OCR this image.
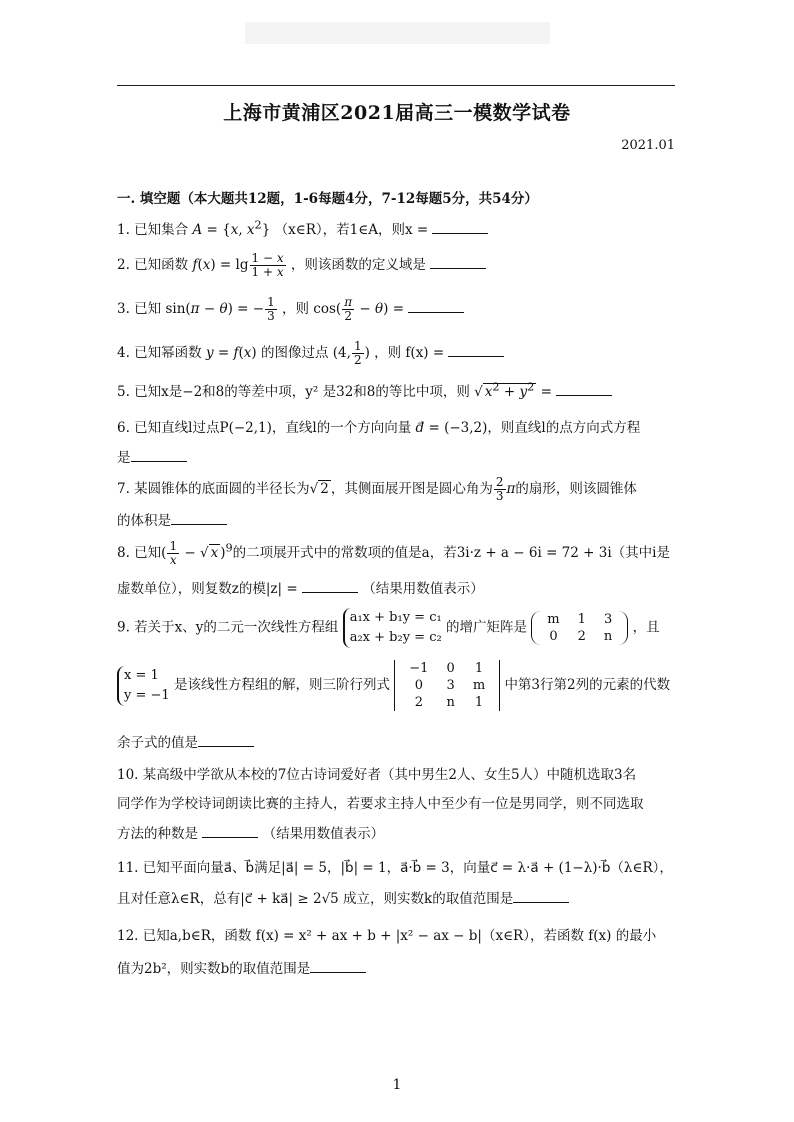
上海市黄浦区2021届高三一模数学试卷
2021.01
一. 填空题（本大题共12题，1-6每题4分，7-12每题5分，共54分）
1. 已知集合 A = {x, $x^2$} （x∈R），若1∈A，则x =
2. 已知函数 $f(x) = \lg \frac{1 - x}{1 + x}$ ，则该函数的定义域是
3. 已知 sin(π − θ) = − $\frac{1}{3}$ ，则 $\cos( \frac{\pi}{2} - \theta)$ =
4. 已知幂函数 y = f(x) 的图像过点 (4, $\frac{1}{2}$ ) ，则 f(x) =
5. 已知x是−2和8的等差中项，y² 是32和8的等比中项，则 √ $x^2 + y^2$ =
6. 已知直线l过点P(−2,1)，直线l的一个方向向量 d⃗ = (−3,2)，则直线l的点方向式方程
是
7. 某圆锥体的底面圆的半径长为√ 2 ，其侧面展开图是圆心角为 $\frac{2}{3}$ π的扇形，则该圆锥体
的体积是
8. 已知( $\frac{1}{x}$ − √ x )$^9$的二项展开式中的常数项的值是a，若3i·z + a − 6i = 72 + 3i（其中i是
虚数单位），则复数z的模|z| =	（结果用数值表示）
9. 若关于x、y的二元一次线性方程组
a₁x + b₁y = c₁
a₂x + b₂y = c₂
的增广矩阵是 m	1	3
0	2	n
，且
x = 1
y = −1
是该线性方程组的解，则三阶行列式
−1	0	1
0	3	m
2	n	1
中第3行第2列的元素的代数
余子式的值是
10. 某高级中学欲从本校的7位古诗词爱好者（其中男生2人、女生5人）中随机选取3名
同学作为学校诗词朗读比赛的主持人，若要求主持人中至少有一位是男同学，则不同选取
方法的种数是	（结果用数值表示）
11. 已知平面向量a⃗、b⃗满足|a⃗| = 5，|b⃗| = 1，a⃗·b⃗ = 3，向量c⃗ = λ·a⃗ + (1−λ)·b⃗（λ∈R），
且对任意λ∈R，总有|c⃗ + ka⃗| ≥ 2√5 成立，则实数k的取值范围是
12. 已知a,b∈R，函数 f(x) = x² + ax + b + |x² − ax − b|（x∈R），若函数 f(x) 的最小
值为2b²，则实数b的取值范围是
1
